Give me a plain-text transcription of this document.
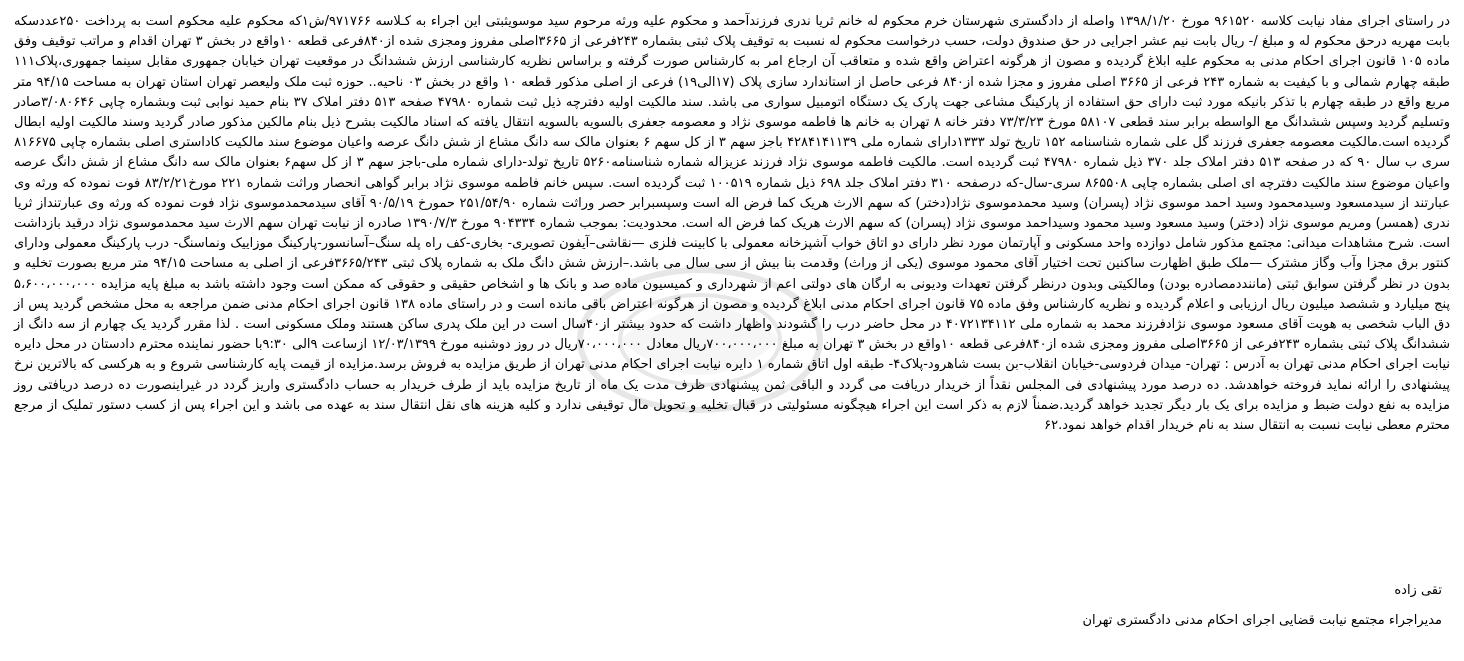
در راستای اجرای مفاد نیابت کلاسه ۹۶۱۵۲۰ مورخ ۱۳۹۸/۱/۲۰ واصله از دادگستری شهرستان خرم محکوم له خانم ثریا ندری فرزندآحمد و محکوم علیه ورثه مرحوم سید موسویثبتی این اجراء به کـلاسه ۹۷۱۷۶۶/ش۱که محکوم علیه محکوم است به پرداخت ۲۵۰عددسکه بابت مهریه درحق محکوم له و مبلغ /- ریال بابت نیم عشر اجرایی در حق صندوق دولت، حسب درخواست محکوم له نسبت به توقیف پلاک ثبتی بشماره ۲۴۳فرعی از ۳۶۶۵اصلی مفروز ومجزی شده از۸۴۰فرعی قطعه ۱۰واقع در بخش ۳ تهران اقدام و مراتب توقیف وفق ماده ۱۰۵ قانون اجرای احکام مدنی به محکوم علیه ابلاغ گردیده و مصون از هرگونه اعتراض واقع شده و متعاقب آن ارجاع امر به کارشناس صورت گرفته و براساس نظریه کارشناسی ارزش ششدانگ در موقعیت تهران خیابان جمهوری مقابل سینما جمهوری،پلاک۱۱۱ طبقه چهارم شمالی و با کیفیت به شماره ۲۴۳ فرعی از ۳۶۶۵ اصلی مفروز و مجزا شده از۸۴۰ فرعی حاصل از استاندارد سازی پلاک (۱۷الی۱۹) فرعی از اصلی مذکور قطعه ۱۰ واقع در بخش ۰۳ ناحیه.. حوزه ثبت ملک ولیعصر تهران استان تهران به مساحت ۹۴/۱۵ متر مربع واقع در طبقه چهارم با تذکر بانیکه مورد ثبت دارای حق استفاده از پارکینگ مشاعی جهت پارک یک دستگاه اتومبیل سواری می باشد. سند مالکیت اولیه دفترچه ذیل ثبت شماره ۴۷۹۸۰ صفحه ۵۱۳ دفتر املاک ۳۷ بنام حمید نوابی ثبت وبشماره چاپی ۳/۰۸۰۶۴۶صادر وتسلیم گردید وسپس ششدانگ مع الواسطه برابر سند قطعی ۵۸۱۰۷ مورخ ۷۳/۳/۲۳ دفتر خانه ۸ تهران به خانم ها فاطمه موسوی نژاد و معصومه جعفری بالسویه بالسویه انتقال یافته که اسناد مالکیت بشرح ذیل بنام مالکین مذکور صادر گردید وسند مالکیت اولیه ابطال گردیده است.مالکیت معصومه جعفری فرزند گل علی شماره شناسنامه ۱۵۲ تاریخ تولد ۱۳۳۳دارای شماره ملی ۴۲۸۴۱۴۱۱۳۹ باجز سهم ۳ از کل سهم ۶ بعنوان مالک سه دانگ مشاع از شش دانگ عرصه واعیان موضوع سند مالکیت کاداستری اصلی بشماره چاپی ۸۱۶۶۷۵ سری ب سال ۹۰ که در صفحه ۵۱۳ دفتر املاک جلد ۳۷۰ ذیل شماره ۴۷۹۸۰ ثبت گردیده است. مالکیت فاطمه موسوی نژاد فرزند عزیزاله شماره شناسنامه۵۲۶۰ تاریخ تولد-دارای شماره ملی-باجز سهم ۳ از کل سهم۶ بعنوان مالک سه دانگ مشاع از شش دانگ عرصه واعیان موضوع سند مالکیت دفترچه ای اصلی بشماره چاپی ۸۶۵۵۰۸ سری-سال-که درصفحه ۳۱۰ دفتر املاک جلد ۶۹۸ ذیل شماره ۱۰۰۵۱۹ ثبت گردیده است. سپس خانم فاطمه موسوی نژاد برابر گواهی انحصار وراثت شماره ۲۲۱ مورخ۸۳/۲/۲۱ فوت نموده که ورثه وی عبارتند از سیدمسعود وسیدمحمود وسید احمد موسوی نژاد (پسران) وسید محمدموسوی نژاد(دختر) که سهم الارث هریک کما فرض اله است وسپسبرابر حصر وراثت شماره ۲۵۱/۵۴/۹۰ حمورخ ۹۰/۵/۱۹ آقای سیدمحمدموسوی نژاد فوت نموده که ورثه وی عبارتنداز ثریا ندری (همسر) ومریم موسوی نژاد (دختر) وسید مسعود وسید محمود وسیداحمد موسوی نژاد (پسران) که سهم الارث هریک کما فرض اله است. محدودیت: بموجب شماره ۹۰۴۳۳۴ مورخ ۱۳۹۰/۷/۳ صادره از نیابت تهران سهم الارث سید محمدموسوی نژاد درقید بازداشت است. شرح مشاهدات میدانی: مجتمع مذکور شامل دوازده واحد مسکونی و آپارتمان مورد نظر دارای دو اتاق خواب آشپزخانه معمولی با کابینت فلزی —نقاشی–آیفون تصویری- بخاری-کف راه پله سنگ–آسانسور-پارکینگ موزاییک ونماسنگ- درب پارکینگ معمولی ودارای کنتور برق مجزا وآب وگاز مشترک —ملک طبق اظهارت ساکنین تحت اختیار آقای محمود موسوی (یکی از وراث) وقدمت بنا بیش از سی سال می باشد.–ارزش شش دانگ ملک به شماره پلاک ثبتی ۳۶۶۵/۲۴۳فرعی از اصلی به مساحت ۹۴/۱۵ متر مربع بصورت تخلیه و بدون در نظر گرفتن سوابق ثبتی (ماننددمصادره بودن) ومالکیتی وبدون درنظر گرفتن تعهدات ودیونی به ارگان های دولتی اعم از شهرداری و کمیسیون ماده صد و بانک ها و اشخاص حقیقی و حقوقی که ممکن است وجود داشته باشد به مبلغ پایه مزایده ۵،۶۰۰،۰۰۰،۰۰۰ پنج میلیارد و ششصد میلیون ریال ارزیابی و اعلام گردیده و نظریه کارشناس وفق ماده ۷۵ قانون اجرای احکام مدنی ابلاغ گردیده و مصون از هرگونه اعتراض باقی مانده است و در راستای ماده ۱۳۸ قانون اجرای احکام مدنی ضمن مراجعه به محل مشخص گردید پس از دق الباب شخصی به هویت آقای مسعود موسوی نژادفرزند محمد به شماره ملی ۴۰۷۲۱۳۴۱۱۲ در محل حاضر درب را گشودند واظهار داشت که حدود بیشتر از۴۰سال است در این ملک پدری ساکن هستند وملک مسکونی است . لذا مقرر گردید یک چهارم از سه دانگ از ششدانگ پلاک ثبتی بشماره ۲۴۳فرعی از ۳۶۶۵اصلی مفروز ومجزی شده از۸۴۰فرعی قطعه ۱۰واقع در بخش ۳ تهران به مبلغ ۷۰۰،۰۰۰،۰۰۰ریال معادل ۷۰،۰۰۰،۰۰۰ریال در روز دوشنبه مورخ ۱۲/۰۳/۱۳۹۹ ازساعت ۹الی ۹:۳۰با حضور نماینده محترم دادستان در محل دایره نیابت اجرای احکام مدنی تهران به آدرس : تهران- میدان فردوسی-خیابان انقلاب-بن بست شاهرود-پلاک۴- طبقه اول اتاق شماره ۱ دایره نیابت اجرای احکام مدنی تهران از طریق مزایده به فروش برسد.مزایده از قیمت پایه کارشناسی شروع و به هرکسی که بالاترین نرخ پیشنهادی را ارائه نماید فروخته خواهدشد. ده درصد مورد پیشنهادی فی المجلس نقداً از خریدار دریافت می گردد و الباقی ثمن پیشنهادی ظرف مدت یک ماه از تاریخ مزایده باید از طرف خریدار به حساب دادگستری واریز گردد در غیراینصورت ده درصد دریافتی روز مزایده به نفع دولت ضبط و مزایده برای یک بار دیگر تجدید خواهد گردید.ضمناً لازم به ذکر است این اجراء هیچگونه مسئولیتی در قبال تخلیه و تحویل مال توقیفی ندارد و کلیه هزینه های نقل انتقال سند به عهده می باشد و این اجراء پس از کسب دستور تملیک از مرجع محترم معطی نیابت نسبت به انتقال سند به نام خریدار اقدام خواهد نمود.۶۲

تقی زاده
مدیراجراء مجتمع نیابت قضایی اجرای احکام مدنی دادگستری تهران
